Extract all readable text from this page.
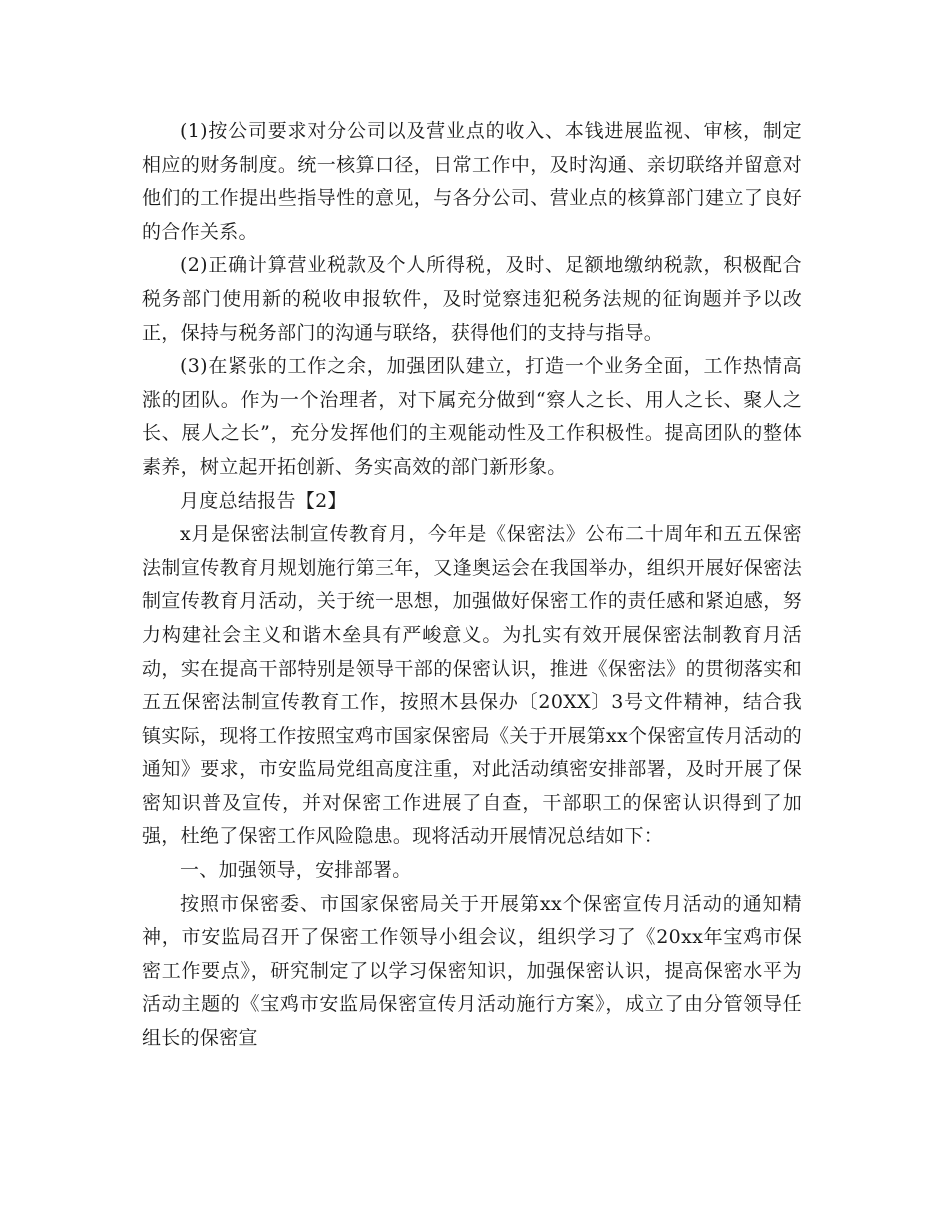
(1)按公司要求对分公司以及营业点的收入、本钱进展监视、审核，制定相应的财务制度。统一核算口径，日常工作中，及时沟通、亲切联络并留意对他们的工作提出些指导性的意见，与各分公司、营业点的核算部门建立了良好的合作关系。

(2)正确计算营业税款及个人所得税，及时、足额地缴纳税款，积极配合税务部门使用新的税收申报软件，及时觉察违犯税务法规的征询题并予以改正，保持与税务部门的沟通与联络，获得他们的支持与指导。

(3)在紧张的工作之余，加强团队建立，打造一个业务全面，工作热情高涨的团队。作为一个治理者，对下属充分做到“察人之长、用人之长、聚人之长、展人之长”，充分发挥他们的主观能动性及工作积极性。提高团队的整体素养，树立起开拓创新、务实高效的部门新形象。

月度总结报告【2】

x月是保密法制宣传教育月，今年是《保密法》公布二十周年和五五保密法制宣传教育月规划施行第三年，又逢奥运会在我国举办，组织开展好保密法制宣传教育月活动，关于统一思想，加强做好保密工作的责任感和紧迫感，努力构建社会主义和谐木垒具有严峻意义。为扎实有效开展保密法制教育月活动，实在提高干部特别是领导干部的保密认识，推进《保密法》的贯彻落实和五五保密法制宣传教育工作，按照木县保办〔20XX〕3号文件精神，结合我镇实际，现将工作按照宝鸡市国家保密局《关于开展第xx个保密宣传月活动的通知》要求，市安监局党组高度注重，对此活动缜密安排部署，及时开展了保密知识普及宣传，并对保密工作进展了自查，干部职工的保密认识得到了加强，杜绝了保密工作风险隐患。现将活动开展情况总结如下：

一、加强领导，安排部署。

按照市保密委、市国家保密局关于开展第xx个保密宣传月活动的通知精神，市安监局召开了保密工作领导小组会议，组织学习了《20xx年宝鸡市保密工作要点》，研究制定了以学习保密知识，加强保密认识，提高保密水平为活动主题的《宝鸡市安监局保密宣传月活动施行方案》，成立了由分管领导任组长的保密宣
